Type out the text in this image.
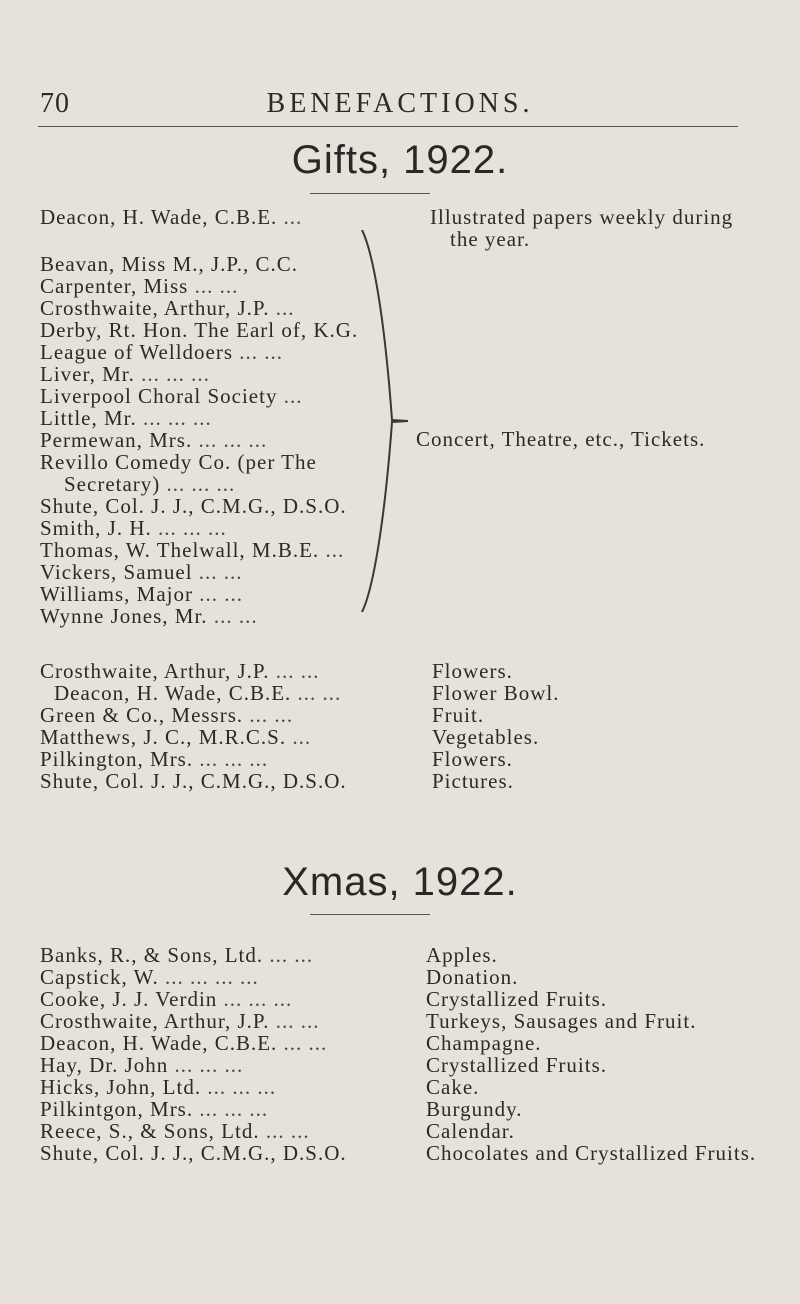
70	BENEFACTIONS.
Gifts, 1922.
Deacon, H. Wade, C.B.E. ...	Illustrated papers weekly during
the year.
Beavan, Miss M., J.P., C.C.
Carpenter, Miss ... ...
Crosthwaite, Arthur, J.P. ...
Derby, Rt. Hon. The Earl of, K.G.
League of Welldoers ... ...
Liver, Mr. ... ... ...
Liverpool Choral Society ...
Little, Mr. ... ... ...
Permewan, Mrs. ... ... ...
Revillo Comedy Co. (per The
Secretary) ... ... ...
Shute, Col. J. J., C.M.G., D.S.O.
Smith, J. H. ... ... ...
Thomas, W. Thelwall, M.B.E. ...
Vickers, Samuel ... ...
Williams, Major ... ...
Wynne Jones, Mr. ... ...
Concert, Theatre, etc., Tickets.
Crosthwaite, Arthur, J.P. ... ...	Flowers.
Deacon, H. Wade, C.B.E. ... ...	Flower Bowl.
Green & Co., Messrs. ... ...	Fruit.
Matthews, J. C., M.R.C.S. ...	Vegetables.
Pilkington, Mrs. ... ... ...	Flowers.
Shute, Col. J. J., C.M.G., D.S.O.	Pictures.
Xmas, 1922.
Banks, R., & Sons, Ltd. ... ...	Apples.
Capstick, W. ... ... ... ...	Donation.
Cooke, J. J. Verdin ... ... ...	Crystallized Fruits.
Crosthwaite, Arthur, J.P. ... ...	Turkeys, Sausages and Fruit.
Deacon, H. Wade, C.B.E. ... ...	Champagne.
Hay, Dr. John ... ... ...	Crystallized Fruits.
Hicks, John, Ltd. ... ... ...	Cake.
Pilkintgon, Mrs. ... ... ...	Burgundy.
Reece, S., & Sons, Ltd. ... ...	Calendar.
Shute, Col. J. J., C.M.G., D.S.O.	Chocolates and Crystallized Fruits.
